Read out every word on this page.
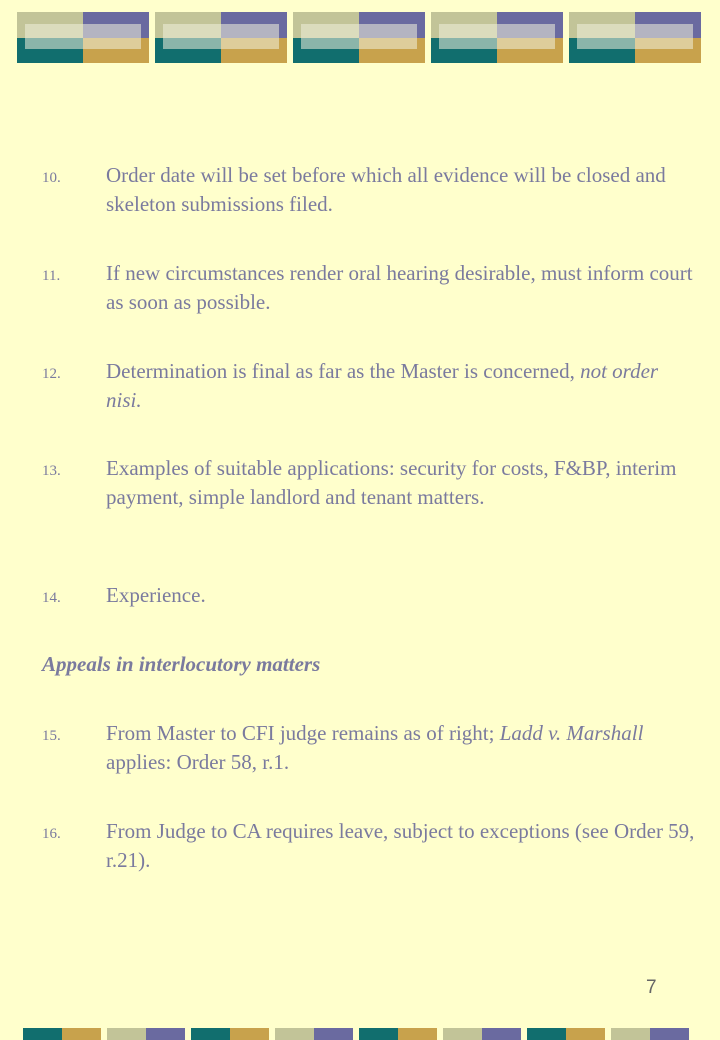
10. Order date will be set before which all evidence will be closed and skeleton submissions filed.
11. If new circumstances render oral hearing desirable, must inform court as soon as possible.
12. Determination is final as far as the Master is concerned, not order nisi.
13. Examples of suitable applications: security for costs, F&BP, interim payment, simple landlord and tenant matters.
14. Experience.
Appeals in interlocutory matters
15. From Master to CFI judge remains as of right; Ladd v. Marshall applies: Order 58, r.1.
16. From Judge to CA requires leave, subject to exceptions (see Order 59, r.21).
7
